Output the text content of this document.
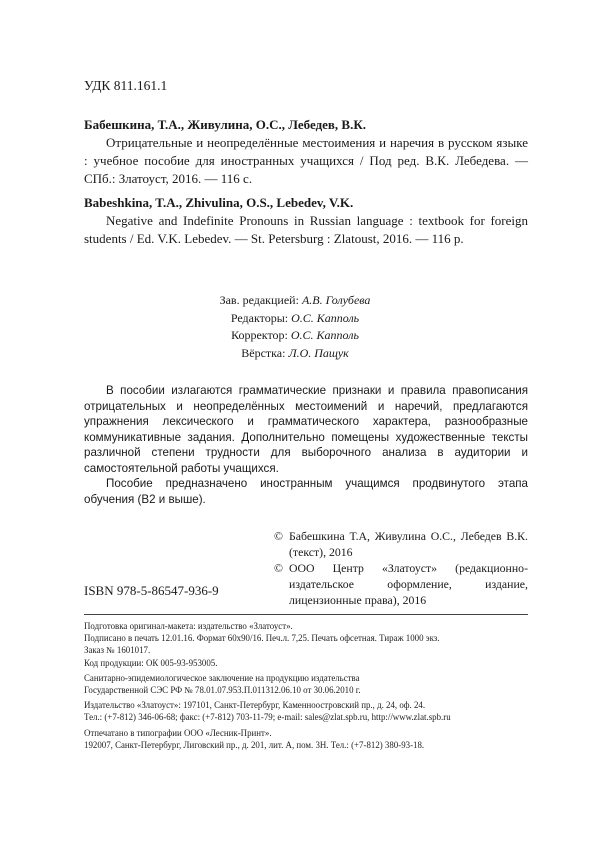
УДК 811.161.1
Бабешкина, Т.А., Живулина, О.С., Лебедев, В.К.
Отрицательные и неопределённые местоимения и наречия в русском языке : учебное пособие для иностранных учащихся / Под ред. В.К. Лебедева. — СПб.: Златоуст, 2016. — 116 с.
Babeshkina, T.A., Zhivulina, O.S., Lebedev, V.K.
Negative and Indefinite Pronouns in Russian language : textbook for foreign students / Ed. V.K. Lebedev. — St. Petersburg : Zlatoust, 2016. — 116 p.
Зав. редакцией: А.В. Голубева
Редакторы: О.С. Капполь
Корректор: О.С. Капполь
Вёрстка: Л.О. Пащук

В пособии излагаются грамматические признаки и правила правописания отрицательных и неопределённых местоимений и наречий, предлагаются упражнения лексического и грамматического характера, разнообразные коммуникативные задания. Дополнительно помещены художественные тексты различной степени трудности для выборочного анализа в аудитории и самостоятельной работы учащихся.

Пособие предназначено иностранным учащимся продвинутого этапа обучения (В2 и выше).

© Бабешкина Т.А, Живулина О.С., Лебедев В.К. (текст), 2016

© ООО Центр «Златоуст» (редакционно-издательское оформление, издание, лицензионные права), 2016

ISBN 978-5-86547-936-9
Подготовка оригинал-макета: издательство «Златоуст».
Подписано в печать 12.01.16. Формат 60х90/16. Печ.л. 7,25. Печать офсетная. Тираж 1000 экз.
Заказ № 1601017.
Код продукции: ОК 005-93-953005.
Санитарно-эпидемиологическое заключение на продукцию издательства
Государственной СЭС РФ № 78.01.07.953.П.011312.06.10 от 30.06.2010 г.
Издательство «Златоуст»: 197101, Санкт-Петербург, Каменноостровский пр., д. 24, оф. 24.
Тел.: (+7-812) 346-06-68; факс: (+7-812) 703-11-79; e-mail: sales@zlat.spb.ru, http://www.zlat.spb.ru
Отпечатано в типографии ООО «Лесник-Принт».
192007, Санкт-Петербург, Лиговский пр., д. 201, лит. А, пом. 3Н. Тел.: (+7-812) 380-93-18.
